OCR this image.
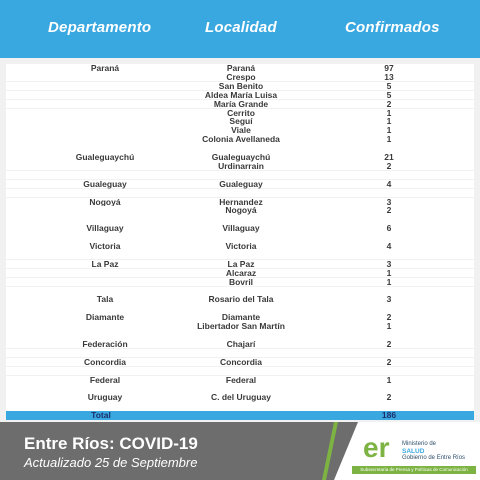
Departamento	Localidad	Confirmados
Paraná	Paraná	97
Crespo	13
San Benito	5
Aldea María Luisa	5
María Grande	2
Cerrito	1
Seguí	1
Viale	1
Colonia Avellaneda	1
Gualeguaychú	Gualeguaychú	21
Urdinarrain	2
Gualeguay	Gualeguay	4
Nogoyá	Hernandez	3
Nogoyá	2
Villaguay	Villaguay	6
Victoria	Victoria	4
La Paz	La Paz	3
Alcaraz	1
Bovril	1
Tala	Rosario del Tala	3
Diamante	Diamante	2
Libertador San Martín	1
Federación	Chajarí	2
Concordia	Concordia	2
Federal	Federal	1
Uruguay	C. del Uruguay	2
Total	186
Entre Ríos: COVID-19
Actualizado 25 de Septiembre	er Ministerio de
SALUD
Gobierno de Entre Ríos
Subsecretaría de Prensa y Políticas de Comunicación
